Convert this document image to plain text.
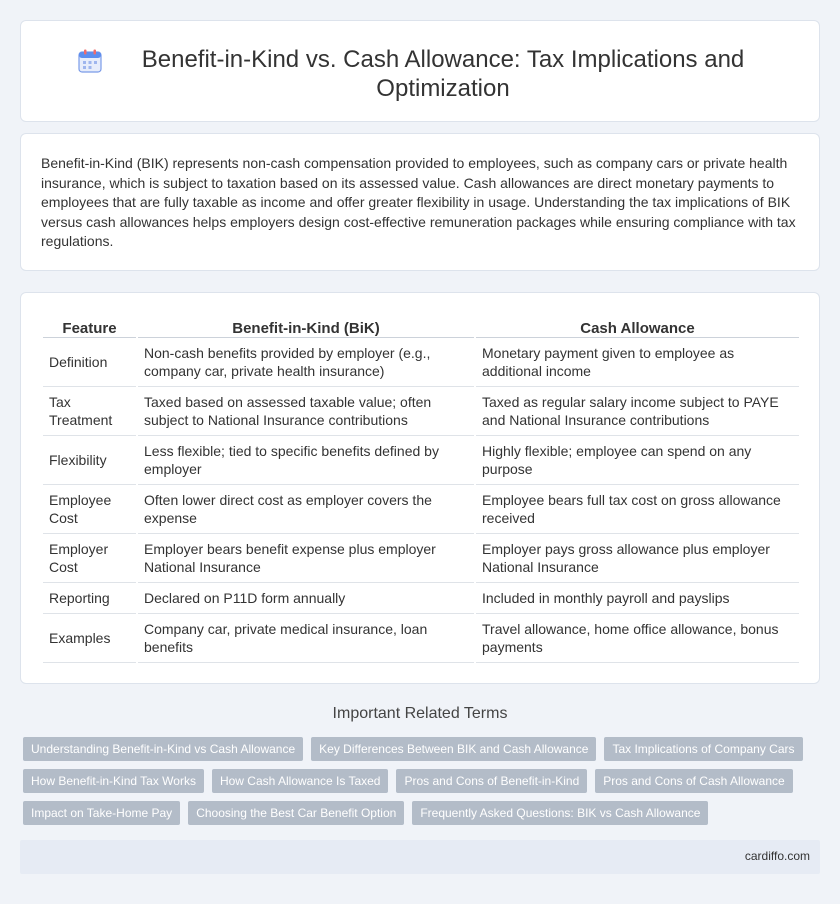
Benefit-in-Kind vs. Cash Allowance: Tax Implications and Optimization

Benefit-in-Kind (BIK) represents non-cash compensation provided to employees, such as company cars or private health insurance, which is subject to taxation based on its assessed value. Cash allowances are direct monetary payments to employees that are fully taxable as income and offer greater flexibility in usage. Understanding the tax implications of BIK versus cash allowances helps employers design cost-effective remuneration packages while ensuring compliance with tax regulations.

Feature	Benefit-in-Kind (BiK)	Cash Allowance
Definition	Non-cash benefits provided by employer (e.g., company car, private health insurance)	Monetary payment given to employee as additional income
Tax Treatment	Taxed based on assessed taxable value; often subject to National Insurance contributions	Taxed as regular salary income subject to PAYE and National Insurance contributions
Flexibility	Less flexible; tied to specific benefits defined by employer	Highly flexible; employee can spend on any purpose
Employee Cost	Often lower direct cost as employer covers the expense	Employee bears full tax cost on gross allowance received
Employer Cost	Employer bears benefit expense plus employer National Insurance	Employer pays gross allowance plus employer National Insurance
Reporting	Declared on P11D form annually	Included in monthly payroll and payslips
Examples	Company car, private medical insurance, loan benefits	Travel allowance, home office allowance, bonus payments
Important Related Terms
Understanding Benefit-in-Kind vs Cash Allowance	Key Differences Between BIK and Cash Allowance	Tax Implications of Company Cars
How Benefit-in-Kind Tax Works	How Cash Allowance Is Taxed	Pros and Cons of Benefit-in-Kind	Pros and Cons of Cash Allowance
Impact on Take-Home Pay	Choosing the Best Car Benefit Option	Frequently Asked Questions: BIK vs Cash Allowance
cardiffo.com
